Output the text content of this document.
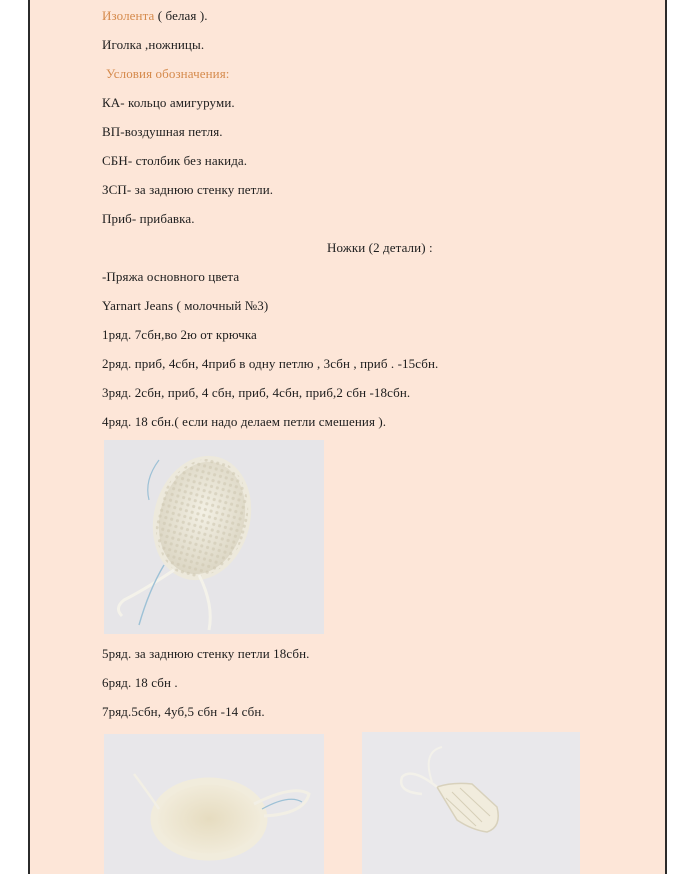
Изолента ( белая ).
Иголка ,ножницы.
Условия обозначения:
КА- кольцо амигуруми.
ВП-воздушная петля.
СБН- столбик без накида.
ЗСП- за заднюю стенку петли.
Приб- прибавка.
Ножки (2 детали) :
-Пряжа основного цвета
Yarnart Jeans ( молочный №3)
1ряд. 7сбн,во 2ю от крючка
2ряд. приб, 4сбн, 4приб в одну петлю , 3сбн , приб . -15сбн.
3ряд. 2сбн, приб, 4 сбн, приб, 4сбн, приб,2 сбн -18сбн.
4ряд. 18 сбн.( если надо делаем петли смешения ).
5ряд. за заднюю стенку петли 18сбн.
6ряд. 18 сбн .
7ряд.5сбн, 4уб,5 сбн -14 сбн.
